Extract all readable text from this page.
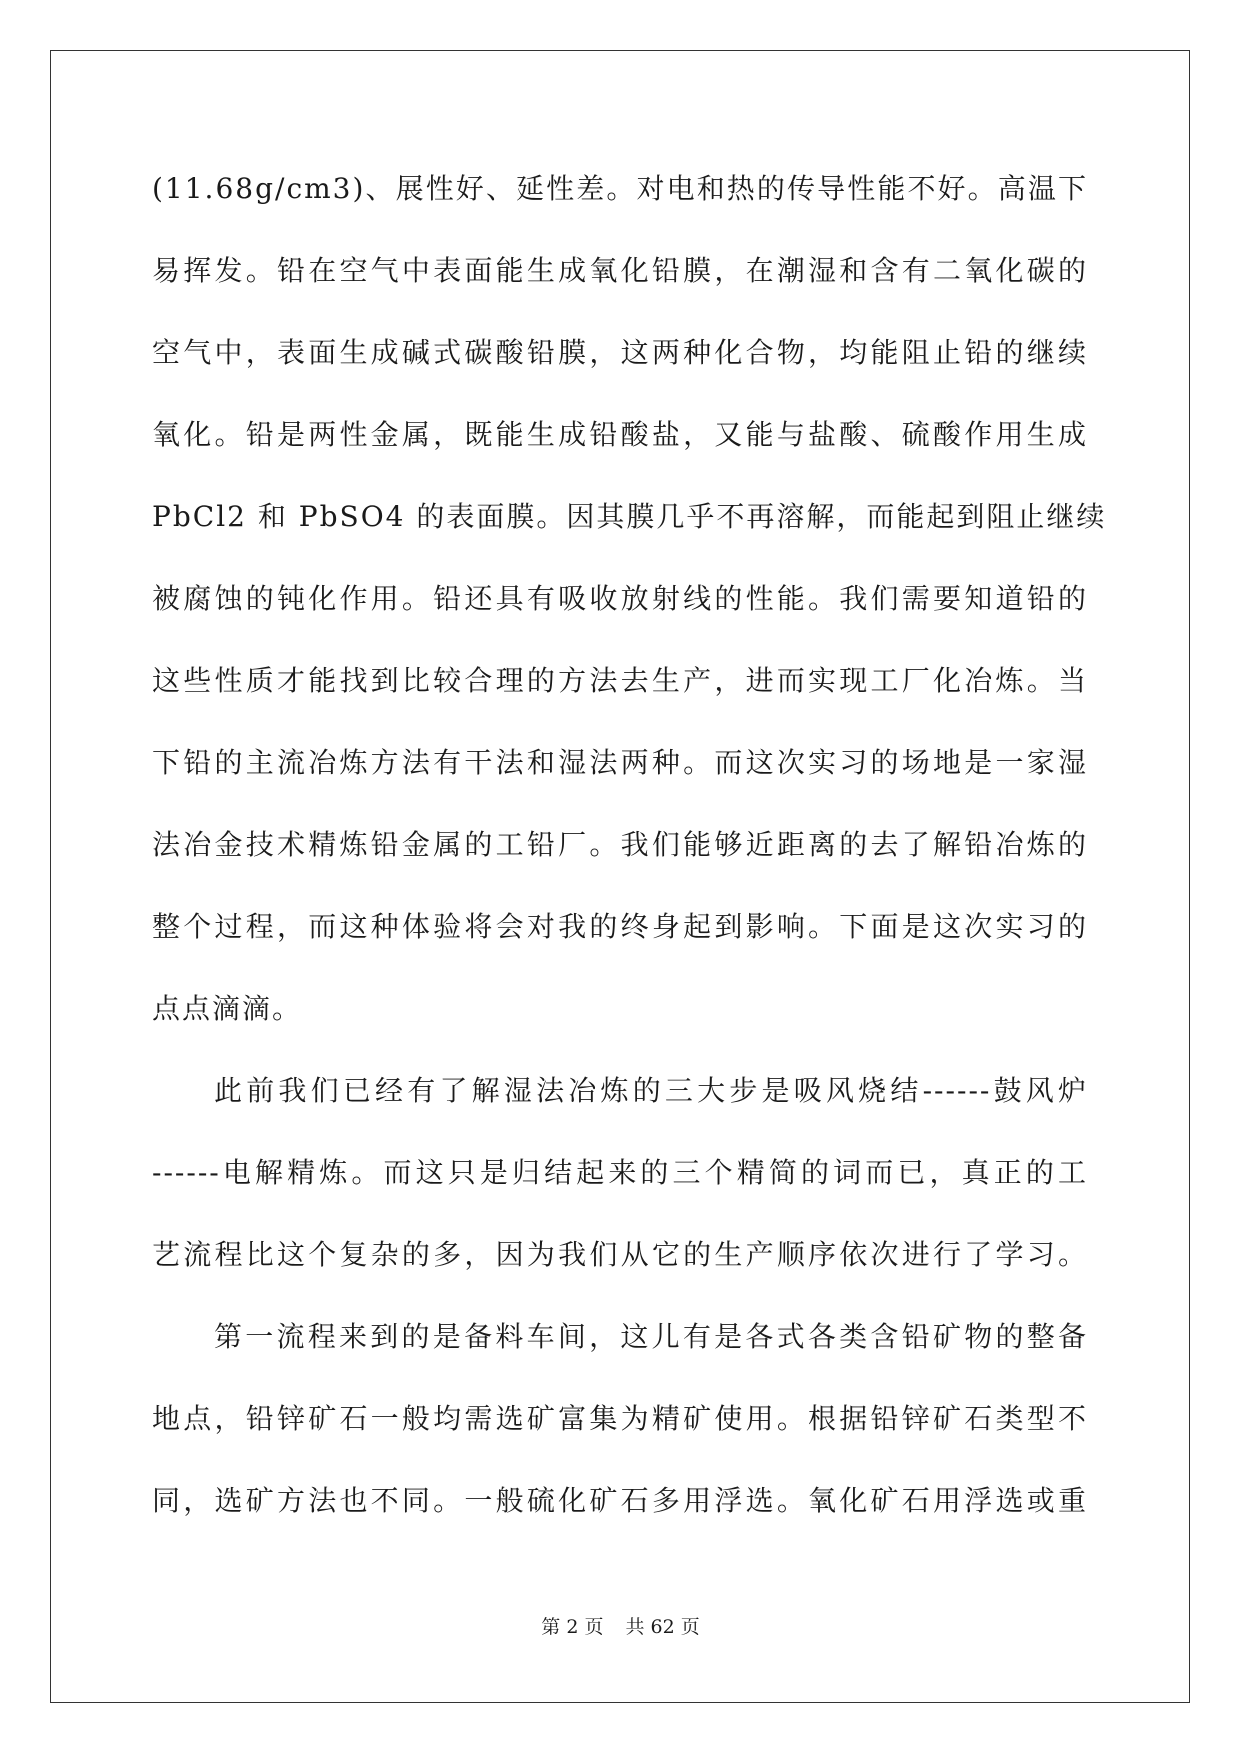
(11.68g/cm3)、展性好、延性差。对电和热的传导性能不好。高温下
易挥发。铅在空气中表面能生成氧化铅膜，在潮湿和含有二氧化碳的
空气中，表面生成碱式碳酸铅膜，这两种化合物，均能阻止铅的继续
氧化。铅是两性金属，既能生成铅酸盐，又能与盐酸、硫酸作用生成
PbCl2 和 PbSO4 的表面膜。因其膜几乎不再溶解，而能起到阻止继续
被腐蚀的钝化作用。铅还具有吸收放射线的性能。我们需要知道铅的
这些性质才能找到比较合理的方法去生产，进而实现工厂化冶炼。当
下铅的主流冶炼方法有干法和湿法两种。而这次实习的场地是一家湿
法冶金技术精炼铅金属的工铅厂。我们能够近距离的去了解铅冶炼的
整个过程，而这种体验将会对我的终身起到影响。下面是这次实习的
点点滴滴。
此前我们已经有了解湿法冶炼的三大步是吸风烧结------鼓风炉
------电解精炼。而这只是归结起来的三个精简的词而已，真正的工
艺流程比这个复杂的多，因为我们从它的生产顺序依次进行了学习。
第一流程来到的是备料车间，这儿有是各式各类含铅矿物的整备
地点，铅锌矿石一般均需选矿富集为精矿使用。根据铅锌矿石类型不
同，选矿方法也不同。一般硫化矿石多用浮选。氧化矿石用浮选或重
第 2 页 共 62 页
